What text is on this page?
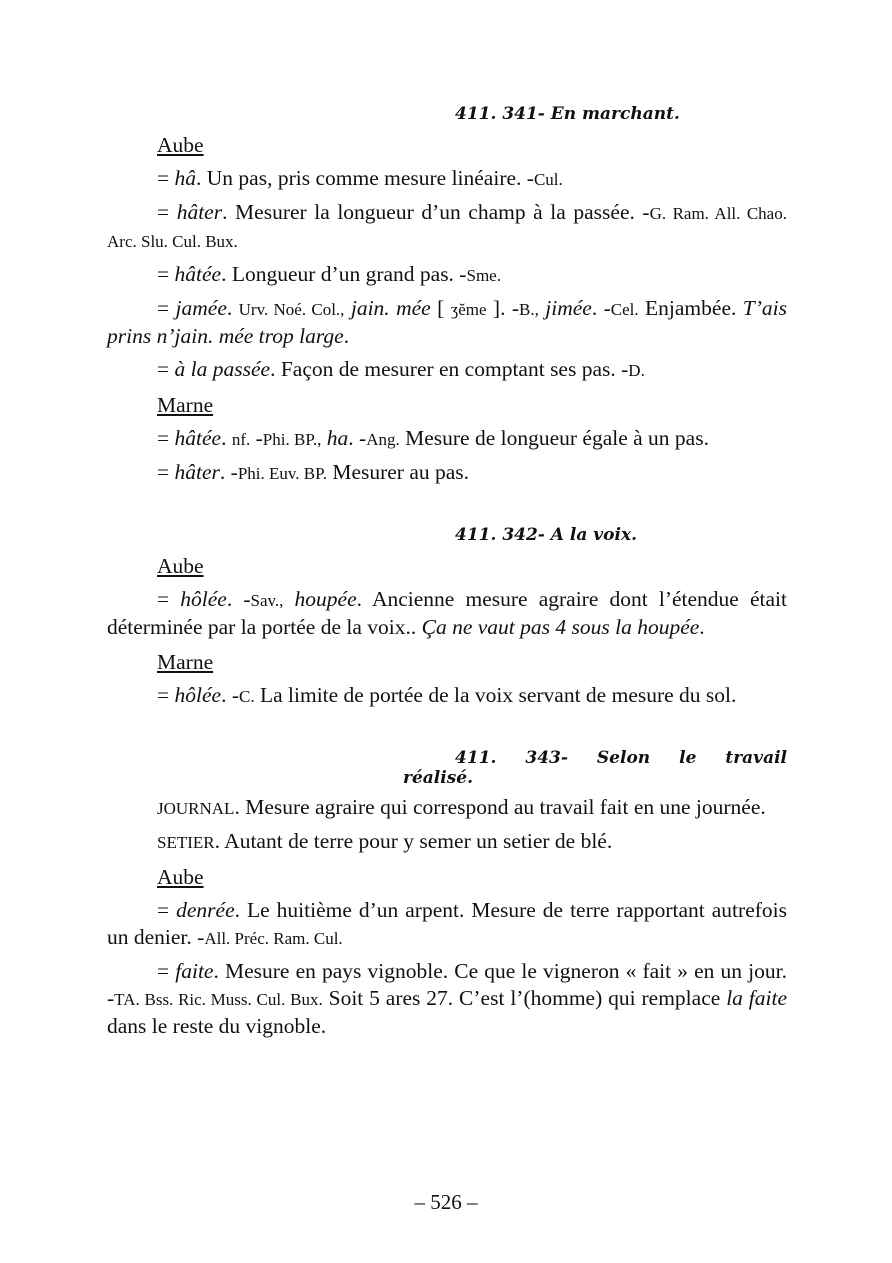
411. 341- En marchant.

Aube

= hâ. Un pas, pris comme mesure linéaire. -Cul.

= hâter. Mesurer la longueur d’un champ à la passée. -G. Ram. All. Chao. Arc. Slu. Cul. Bux.

= hâtée. Longueur d’un grand pas. -Sme.

= jamée. Urv. Noé. Col., jain. mée [ ʒĕme ]. -B., jimée. -Cel. Enjambée. T’ais prins n’jain. mée trop large.

= à la passée. Façon de mesurer en comptant ses pas. -D.

Marne

= hâtée. nf. -Phi. BP., ha. -Ang. Mesure de longueur égale à un pas.

= hâter. -Phi. Euv. BP. Mesurer au pas.

411. 342- A la voix.

Aube

= hôlée. -Sav., houpée. Ancienne mesure agraire dont l’étendue était déterminée par la portée de la voix.. Ça ne vaut pas 4 sous la houpée.

Marne

= hôlée. -C. La limite de portée de la voix servant de mesure du sol.

411. 343- Selon le travail

réalisé.

JOURNAL. Mesure agraire qui correspond au travail fait en une journée.

SETIER. Autant de terre pour y semer un setier de blé.

Aube

= denrée. Le huitième d’un arpent. Mesure de terre rapportant autrefois un denier. -All. Préc. Ram. Cul.

= faite. Mesure en pays vignoble. Ce que le vigneron « fait » en un jour. -TA. Bss. Ric. Muss. Cul. Bux. Soit 5 ares 27. C’est l’(homme) qui remplace la faite dans le reste du vignoble.

– 526 –
